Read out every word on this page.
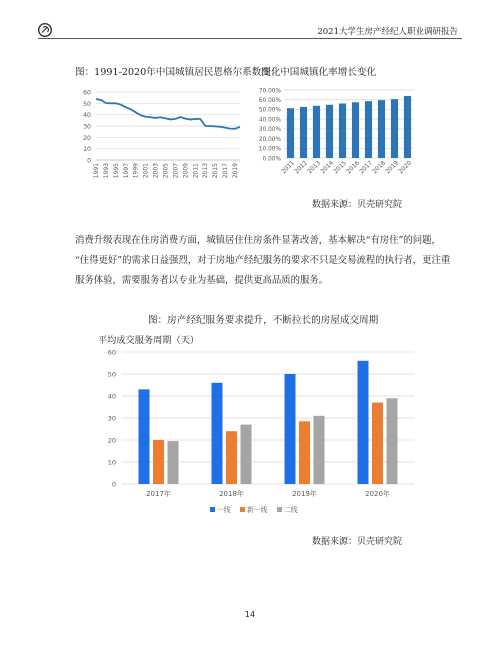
2021大学生房产经纪人职业调研报告
图：1991-2020年中国城镇居民恩格尔系数变化
图：中国城镇化率增长变化
0
10
20
30
40
50
60
1991 1993 1995 1997 1999 2001 2003 2005 2007 2009 2011 2013 2015 2017 2019
0.00%
10.00%
20.00%
30.00%
40.00%
50.00%
60.00%
70.00%
2011
2012
2013
2014
2015
2016
2017
2018
2019
2020
数据来源：贝壳研究院
消费升级表现在住房消费方面，城镇居住住房条件显著改善，基本解决“有房住”的问题，
“住得更好”的需求日益强烈，对于房地产经纪服务的要求不只是交易流程的执行者，更注重
服务体验，需要服务者以专业为基础，提供更高品质的服务。
图：房产经纪服务要求提升，不断拉长的房屋成交周期
平均成交服务周期（天）
0
10
20
30
40
50
60
2017年	2018年	2019年	2020年
一线 新一线 二线
数据来源：贝壳研究院
14
